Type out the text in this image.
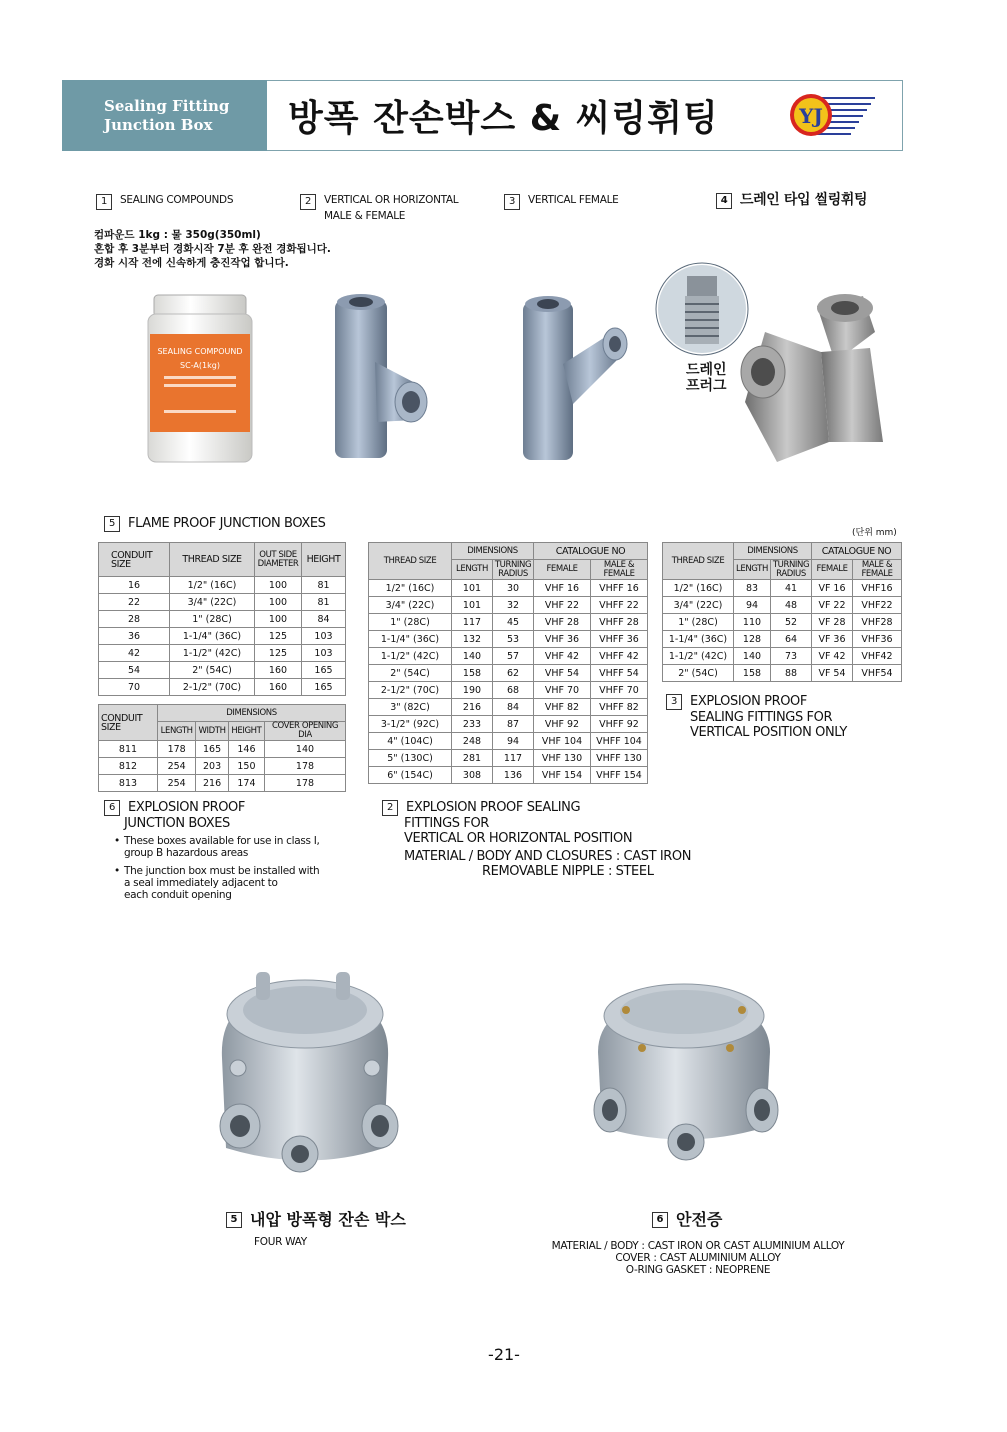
Sealing Fitting
Junction Box	방폭 잔손박스 & 씨링휘팅	YJ
1 SEALING COMPOUNDS	2 VERTICAL OR HORIZONTAL
MALE & FEMALE
3 VERTICAL FEMALE	4 드레인 타입 씰링휘팅
컴파운드 1kg : 물 350g(350ml)
혼합 후 3분부터 경화시작 7분 후 완전 경화됩니다.
경화 시작 전에 신속하게 충진작업 합니다.
SEALING COMPOUND
SC-A(1kg)	드레인
프러그
5 FLAME PROOF JUNCTION BOXES
(단위 mm)
CONDUIT SIZE	THREAD SIZE	OUT SIDE DIAMETER	HEIGHT
16	1/2" (16C)	100	81
22	3/4" (22C)	100	81
28	1" (28C)	100	84
36	1-1/4" (36C)	125	103
42	1-1/2" (42C)	125	103
54	2" (54C)	160	165
70	2-1/2" (70C)	160	165
CONDUIT SIZE	DIMENSIONS			
	LENGTH	WIDTH	HEIGHT	COVER OPENING DIA
811	178	165	146	140
812	254	203	150	178
813	254	216	174	178
THREAD SIZE	DIMENSIONS		CATALOGUE NO	
	LENGTH	TURNING RADIUS	FEMALE	MALE & FEMALE
1/2" (16C)	101	30	VHF 16	VHFF 16
3/4" (22C)	101	32	VHF 22	VHFF 22
1" (28C)	117	45	VHF 28	VHFF 28
1-1/4" (36C)	132	53	VHF 36	VHFF 36
1-1/2" (42C)	140	57	VHF 42	VHFF 42
2" (54C)	158	62	VHF 54	VHFF 54
2-1/2" (70C)	190	68	VHF 70	VHFF 70
3" (82C)	216	84	VHF 82	VHFF 82
3-1/2" (92C)	233	87	VHF 92	VHFF 92
4" (104C)	248	94	VHF 104	VHFF 104
5" (130C)	281	117	VHF 130	VHFF 130
6" (154C)	308	136	VHF 154	VHFF 154
THREAD SIZE	DIMENSIONS		CATALOGUE NO	
	LENGTH	TURNING RADIUS	FEMALE	MALE & FEMALE
1/2" (16C)	83	41	VF 16	VHF16
3/4" (22C)	94	48	VF 22	VHF22
1" (28C)	110	52	VF 28	VHF28
1-1/4" (36C)	128	64	VF 36	VHF36
1-1/2" (42C)	140	73	VF 42	VHF42
2" (54C)	158	88	VF 54	VHF54
3 EXPLOSION PROOF
SEALING FITTINGS FOR
VERTICAL POSITION ONLY
6 EXPLOSION PROOF
JUNCTION BOXES
• These boxes available for use in class I,
group B hazardous areas
• The junction box must be installed with
a seal immediately adjacent to
each conduit opening
2 EXPLOSION PROOF SEALING
FITTINGS FOR
VERTICAL OR HORIZONTAL POSITION
MATERIAL / BODY AND CLOSURES : CAST IRON
REMOVABLE NIPPLE : STEEL
5 내압 방폭형 잔손 박스
FOUR WAY
6 안전증
MATERIAL / BODY : CAST IRON OR CAST ALUMINIUM ALLOY
COVER : CAST ALUMINIUM ALLOY
O-RING GASKET : NEOPRENE
-21-
